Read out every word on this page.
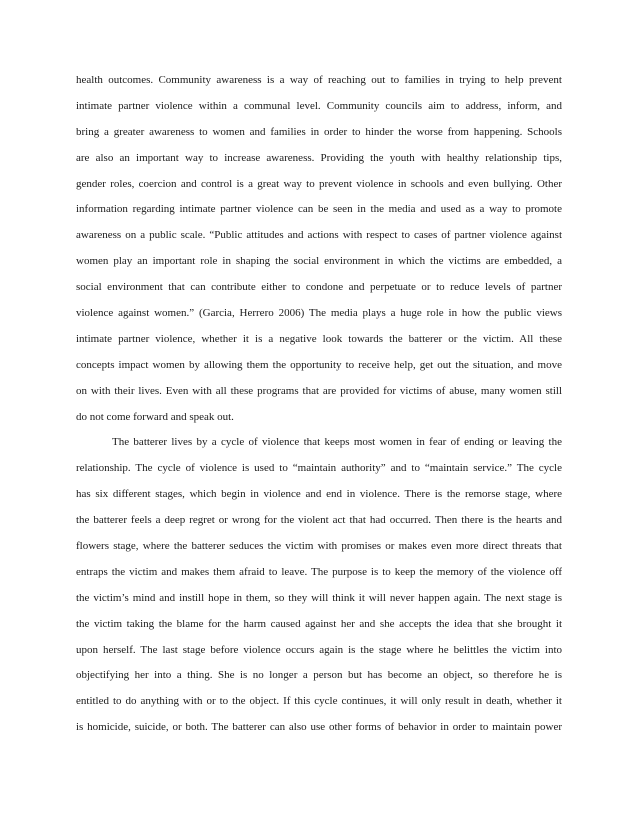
health outcomes. Community awareness is a way of reaching out to families in trying to help prevent
intimate partner violence within a communal level. Community councils aim to address, inform, and
bring a greater awareness to women and families in order to hinder the worse from happening. Schools
are also an important way to increase awareness. Providing the youth with healthy relationship tips,
gender roles, coercion and control is a great way to prevent violence in schools and even bullying. Other
information regarding intimate partner violence can be seen in the media and used as a way to promote
awareness on a public scale. “Public attitudes and actions with respect to cases of partner violence against
women play an important role in shaping the social environment in which the victims are embedded, a
social environment that can contribute either to condone and perpetuate or to reduce levels of partner
violence against women.” (Garcia, Herrero 2006) The media plays a huge role in how the public views
intimate partner violence, whether it is a negative look towards the batterer or the victim. All these
concepts impact women by allowing them the opportunity to receive help, get out the situation, and move
on with their lives. Even with all these programs that are provided for victims of abuse, many women still
do not come forward and speak out.
The batterer lives by a cycle of violence that keeps most women in fear of ending or leaving the
relationship. The cycle of violence is used to “maintain authority” and to “maintain service.” The cycle
has six different stages, which begin in violence and end in violence. There is the remorse stage, where
the batterer feels a deep regret or wrong for the violent act that had occurred. Then there is the hearts and
flowers stage, where the batterer seduces the victim with promises or makes even more direct threats that
entraps the victim and makes them afraid to leave. The purpose is to keep the memory of the violence off
the victim’s mind and instill hope in them, so they will think it will never happen again. The next stage is
the victim taking the blame for the harm caused against her and she accepts the idea that she brought it
upon herself. The last stage before violence occurs again is the stage where he belittles the victim into
objectifying her into a thing. She is no longer a person but has become an object, so therefore he is
entitled to do anything with or to the object. If this cycle continues, it will only result in death, whether it
is homicide, suicide, or both. The batterer can also use other forms of behavior in order to maintain power
